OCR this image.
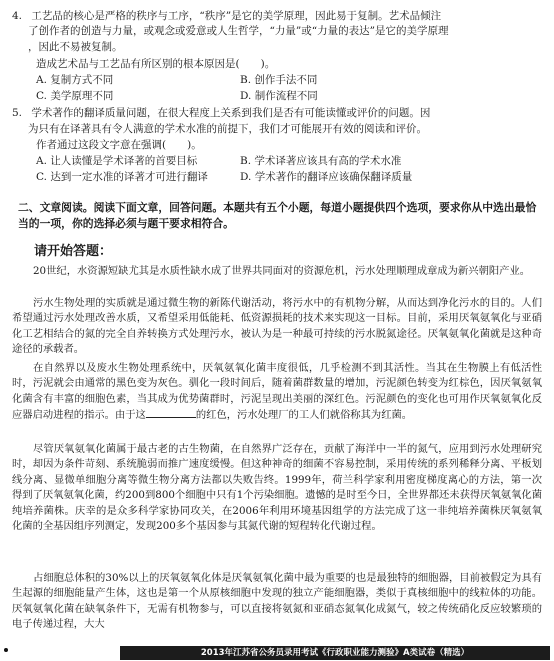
4. 工艺品的核心是严格的秩序与工序，“秩序”是它的美学原理，因此易于复制。艺术品倾注
了创作者的创造与力量，或观念或爱意或人生哲学，“力量”或“力量的表达”是它的美学原理
，因此不易被复制。
造成艺术品与工艺品有所区别的根本原因是(　　)。
A. 复制方式不同	B. 创作手法不同
C. 美学原理不同	D. 制作流程不同
5. 学术著作的翻译质量问题，在很大程度上关系到我们是否有可能读懂或评价的问题。因
为只有在译著具有令人满意的学术水准的前提下，我们才可能展开有效的阅读和评价。
作者通过这段文字意在强调(　　)。
A. 让人读懂是学术译著的首要目标	B. 学术译著应该具有高的学术水准
C. 达到一定水准的译著才可进行翻译	D. 学术著作的翻译应该确保翻译质量
二、文章阅读。阅读下面文章，回答问题。本题共有五个小题，每道小题提供四个选项，要求你从中选出最恰当的一项，你的选择必须与题干要求相符合。
请开始答题：
20世纪，水资源短缺尤其是水质性缺水成了世界共同面对的资源危机，污水处理顺理成章成为新兴朝阳产业。
污水生物处理的实质就是通过微生物的新陈代谢活动，将污水中的有机物分解，从而达到净化污水的目的。人们希望通过污水处理改善水质，又希望采用低能耗、低资源损耗的技术来实现这一目标。目前，采用厌氧氨氧化与亚硝化工艺相结合的氮的完全自养转换方式处理污水，被认为是一种最可持续的污水脱氮途径。厌氧氨氧化菌就是这种奇途径的承载者。
在自然界以及废水生物处理系统中，厌氧氨氧化菌丰度很低，几乎检测不到其活性。当其在生物膜上有低活性时，污泥就会由通常的黑色变为灰色。驯化一段时间后，随着菌群数量的增加，污泥颜色转变为红棕色，因厌氧氨氧化菌含有丰富的细胞色素，当其成为优势菌群时，污泥呈现出美丽的深红色。污泥颜色的变化也可用作厌氧氨氧化反应器启动进程的指示。由于这	的红色，污水处理厂的工人们就俗称其为红菌。
尽管厌氧氨氧化菌属于最古老的古生物菌，在自然界广泛存在，贡献了海洋中一半的氮气，应用到污水处理研究时，却因为条件苛刻、系统脆弱而推广速度缓慢。但这种神奇的细菌不容易控制，采用传统的系列稀释分离、平板划线分离、显微单细胞分离等微生物分离方法都以失败告终。1999年，荷兰科学家利用密度梯度离心的方法，第一次得到了厌氧氨氧化菌，约200到800个细胞中只有1个污染细胞。遗憾的是时至今日，全世界都还未获得厌氧氨氧化菌纯培养菌株。庆幸的是众多科学家协同攻关，在2006年利用环境基因组学的方法完成了这一非纯培养菌株厌氧氨氧化菌的全基因组序列测定，发现200多个基因参与其氮代谢的短程转化代谢过程。
占细胞总体积的30%以上的厌氧氨氧化体是厌氧氨氧化菌中最为重要的也是最独特的细胞器，目前被假定为具有生起源的细胞能量产生体，这也是第一个从原核细胞中发现的独立产能细胞器，类似于真核细胞中的线粒体的功能。厌氧氨氧化菌在缺氧条件下，无需有机物参与，可以直接将氨氮和亚硝态氮氧化成氮气，较之传统硝化反应较繁琐的电子传递过程，大大
2013年江苏省公务员录用考试《行政职业能力测验》A类试卷（精选）
